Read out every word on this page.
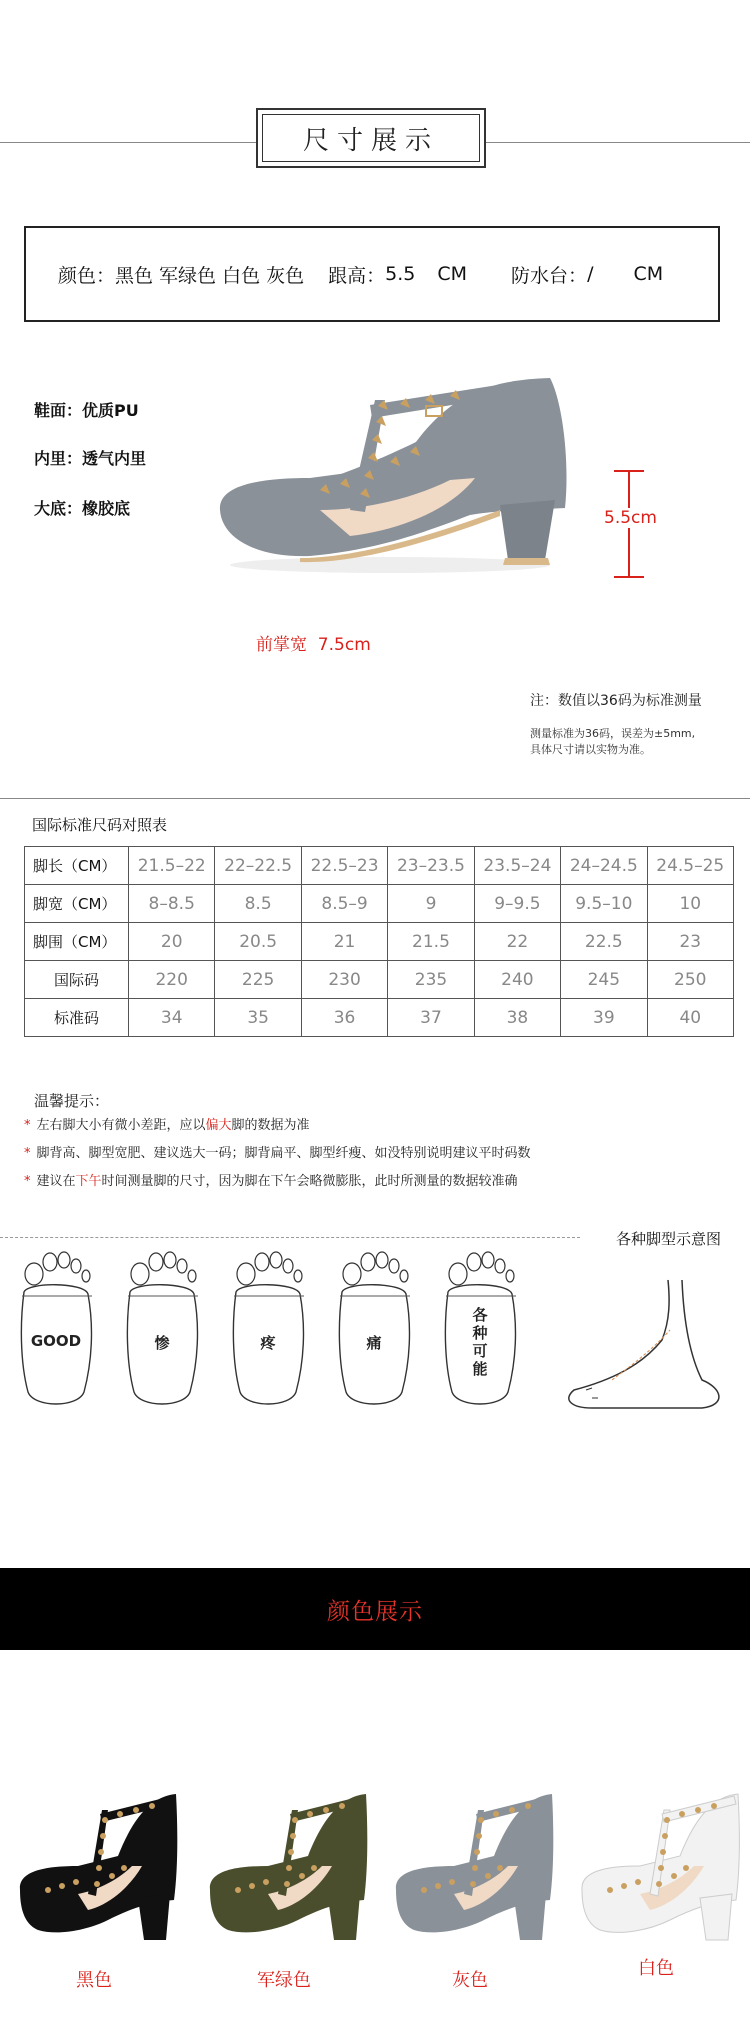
尺寸展示
颜色： 黑色 军绿色 白色 灰色 跟高： 5.5 CM 防水台： / CM
鞋面：优质PU
内里：透气内里
大底：橡胶底	5.5cm
前掌宽  7.5cm
注：数值以36码为标准测量
测量标准为36码，误差为±5mm,
具体尺寸请以实物为准。
国际标准尺码对照表
脚长（CM）	21.5–22	22–22.5	22.5–23	23–23.5	23.5–24	24–24.5	24.5–25
脚宽（CM）	8–8.5	8.5	8.5–9	9	9–9.5	9.5–10	10
脚围（CM）	20	20.5	21	21.5	22	22.5	23
国际码	220	225	230	235	240	245	250
标准码	34	35	36	37	38	39	40
温馨提示：
* 左右脚大小有微小差距，应以偏大脚的数据为准
* 脚背高、脚型宽肥、建议选大一码；脚背扁平、脚型纤瘦、如没特别说明建议平时码数
* 建议在下午时间测量脚的尺寸，因为脚在下午会略微膨胀，此时所测量的数据较准确
各种脚型示意图
GOOD	惨	疼	痛
各种可能
颜色展示
黑色	军绿色	灰色
白色
